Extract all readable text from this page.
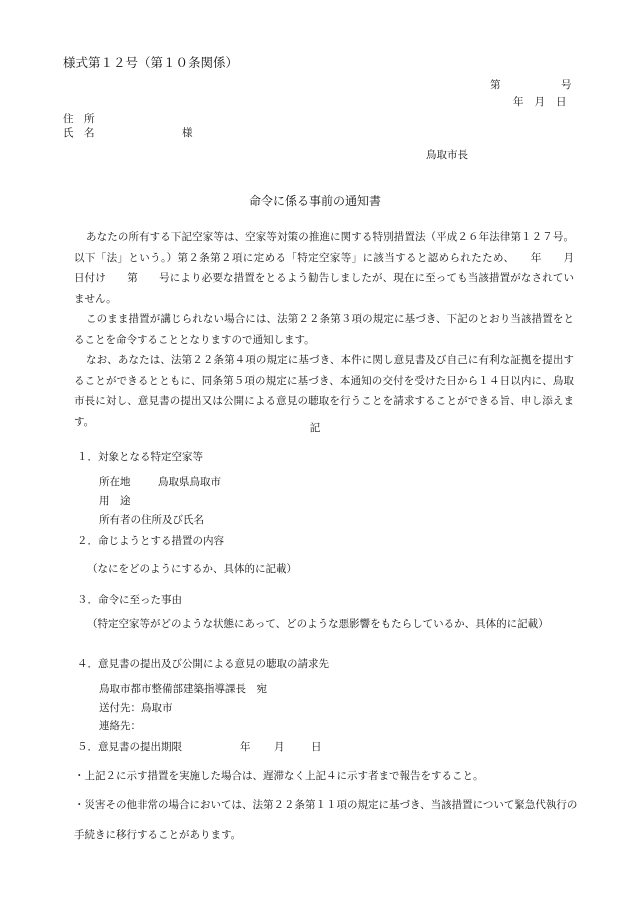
様式第１２号（第１０条関係）
第	号
年 月 日
住　所
氏　名	様
鳥取市長
命令に係る事前の通知書
あなたの所有する下記空家等は、空家等対策の推進に関する特別措置法（平成２６年法律第１２７号。以下「法」という。）第２条第２項に定める「特定空家等」に該当すると認められたため、　　年　　月　　日付け　　第　　号により必要な措置をとるよう勧告しましたが、現在に至っても当該措置がなされていません。
このまま措置が講じられない場合には、法第２２条第３項の規定に基づき、下記のとおり当該措置をとることを命令することとなりますので通知します。
なお、あなたは、法第２２条第４項の規定に基づき、本件に関し意見書及び自己に有利な証拠を提出することができるとともに、同条第５項の規定に基づき、本通知の交付を受けた日から１４日以内に、鳥取市長に対し、意見書の提出又は公開による意見の聴取を行うことを請求することができる旨、申し添えます。
記
１．対象となる特定空家等
所在地	鳥取県鳥取市
用　途
所有者の住所及び氏名
２．命じようとする措置の内容
（なにをどのようにするか、具体的に記載）
３．命令に至った事由
（特定空家等がどのような状態にあって、どのような悪影響をもたらしているか、具体的に記載）
４．意見書の提出及び公開による意見の聴取の請求先
鳥取市都市整備部建築指導課長　宛
送付先：鳥取市
連絡先：
５．意見書の提出期限	年 月	日
・上記２に示す措置を実施した場合は、遅滞なく上記４に示す者まで報告をすること。
・災害その他非常の場合においては、法第２２条第１１項の規定に基づき、当該措置について緊急代執行の手続きに移行することがあります。
